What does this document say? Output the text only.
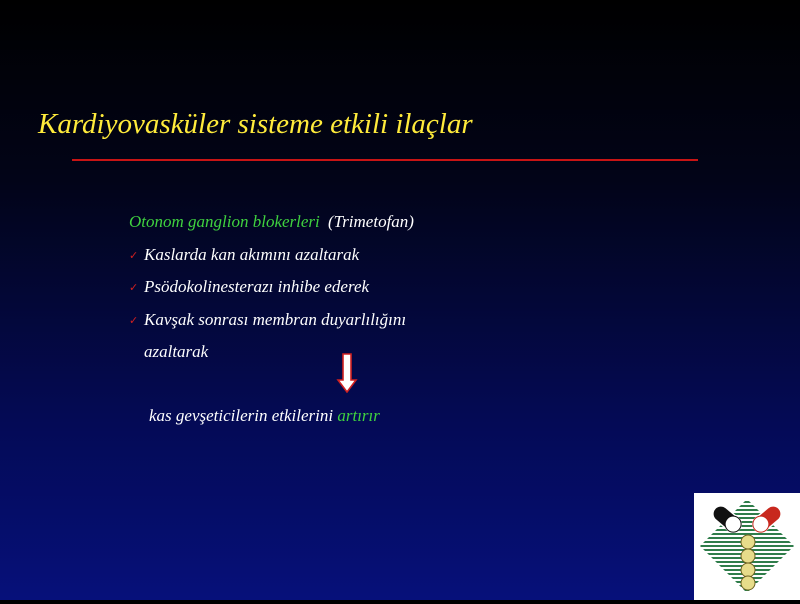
Kardiyovasküler sisteme etkili ilaçlar
Otonom ganglion blokerleri (Trimetofan)
✓ Kaslarda kan akımını azaltarak
✓ Psödokolinesterazı inhibe ederek
✓ Kavşak sonrası membran duyarlılığını
azaltarak
kas gevşeticilerin etkilerini artırır
